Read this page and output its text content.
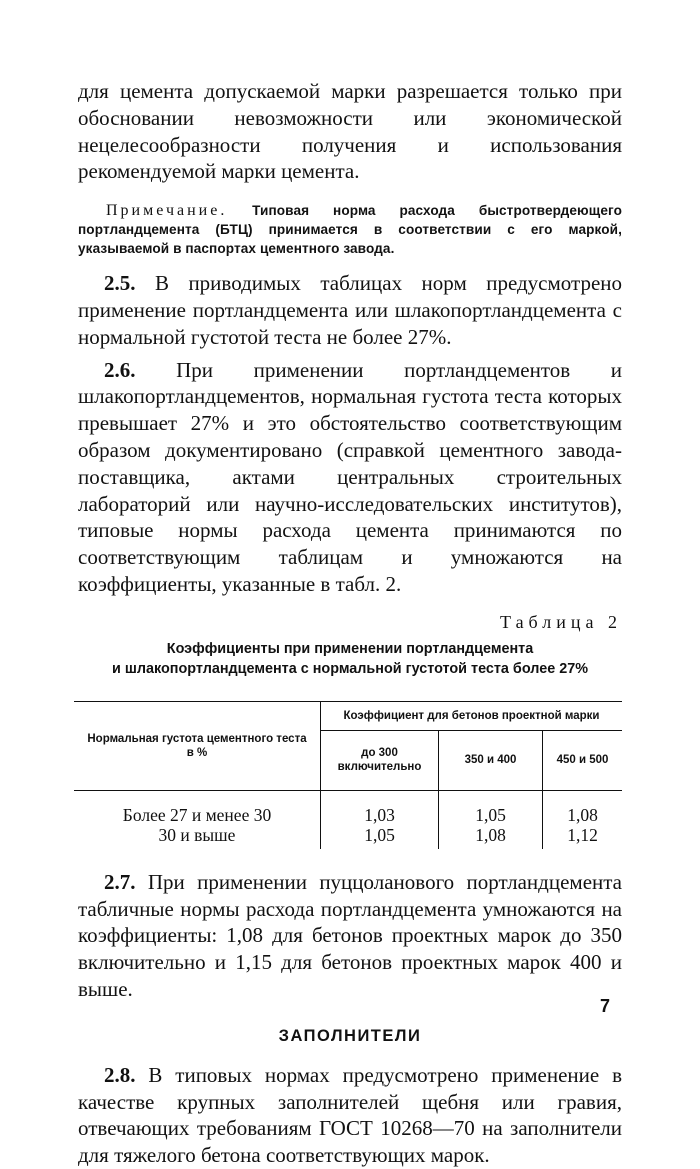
для цемента допускаемой марки разрешается только при обосновании невозможности или экономической нецелесообразности получения и использования рекомендуемой марки цемента.

Примечание. Типовая норма расхода быстротвердеющего портландцемента (БТЦ) принимается в соответствии с его маркой, указываемой в паспортах цементного завода.

2.5. В приводимых таблицах норм предусмотрено применение портландцемента или шлакопортландцемента с нормальной густотой теста не более 27%.

2.6. При применении портландцементов и шлакопортландцементов, нормальная густота теста которых превышает 27% и это обстоятельство соответствующим образом документировано (справкой цементного завода-поставщика, актами центральных строительных лабораторий или научно-исследовательских институтов), типовые нормы расхода цемента принимаются по соответствующим таблицам и умножаются на коэффициенты, указанные в табл. 2.

Таблица 2

Коэффициенты при применении портландцемента
и шлакопортландцемента с нормальной густотой теста более 27%
Нормальная густота цементного теста в %	Коэффициент для бетонов проектной марки		
	до 300 включительно	350 и 400	450 и 500
Более 27 и менее 30	1,03	1,05	1,08
30 и выше	1,05	1,08	1,12

2.7. При применении пуццоланового портландцемента табличные нормы расхода портландцемента умножаются на коэффициенты: 1,08 для бетонов проектных марок до 350 включительно и 1,15 для бетонов проектных марок 400 и выше.

ЗАПОЛНИТЕЛИ

2.8. В типовых нормах предусмотрено применение в качестве крупных заполнителей щебня или гравия, отвечающих требованиям ГОСТ 10268—70 на заполнители для тяжелого бетона соответствующих марок.

7
